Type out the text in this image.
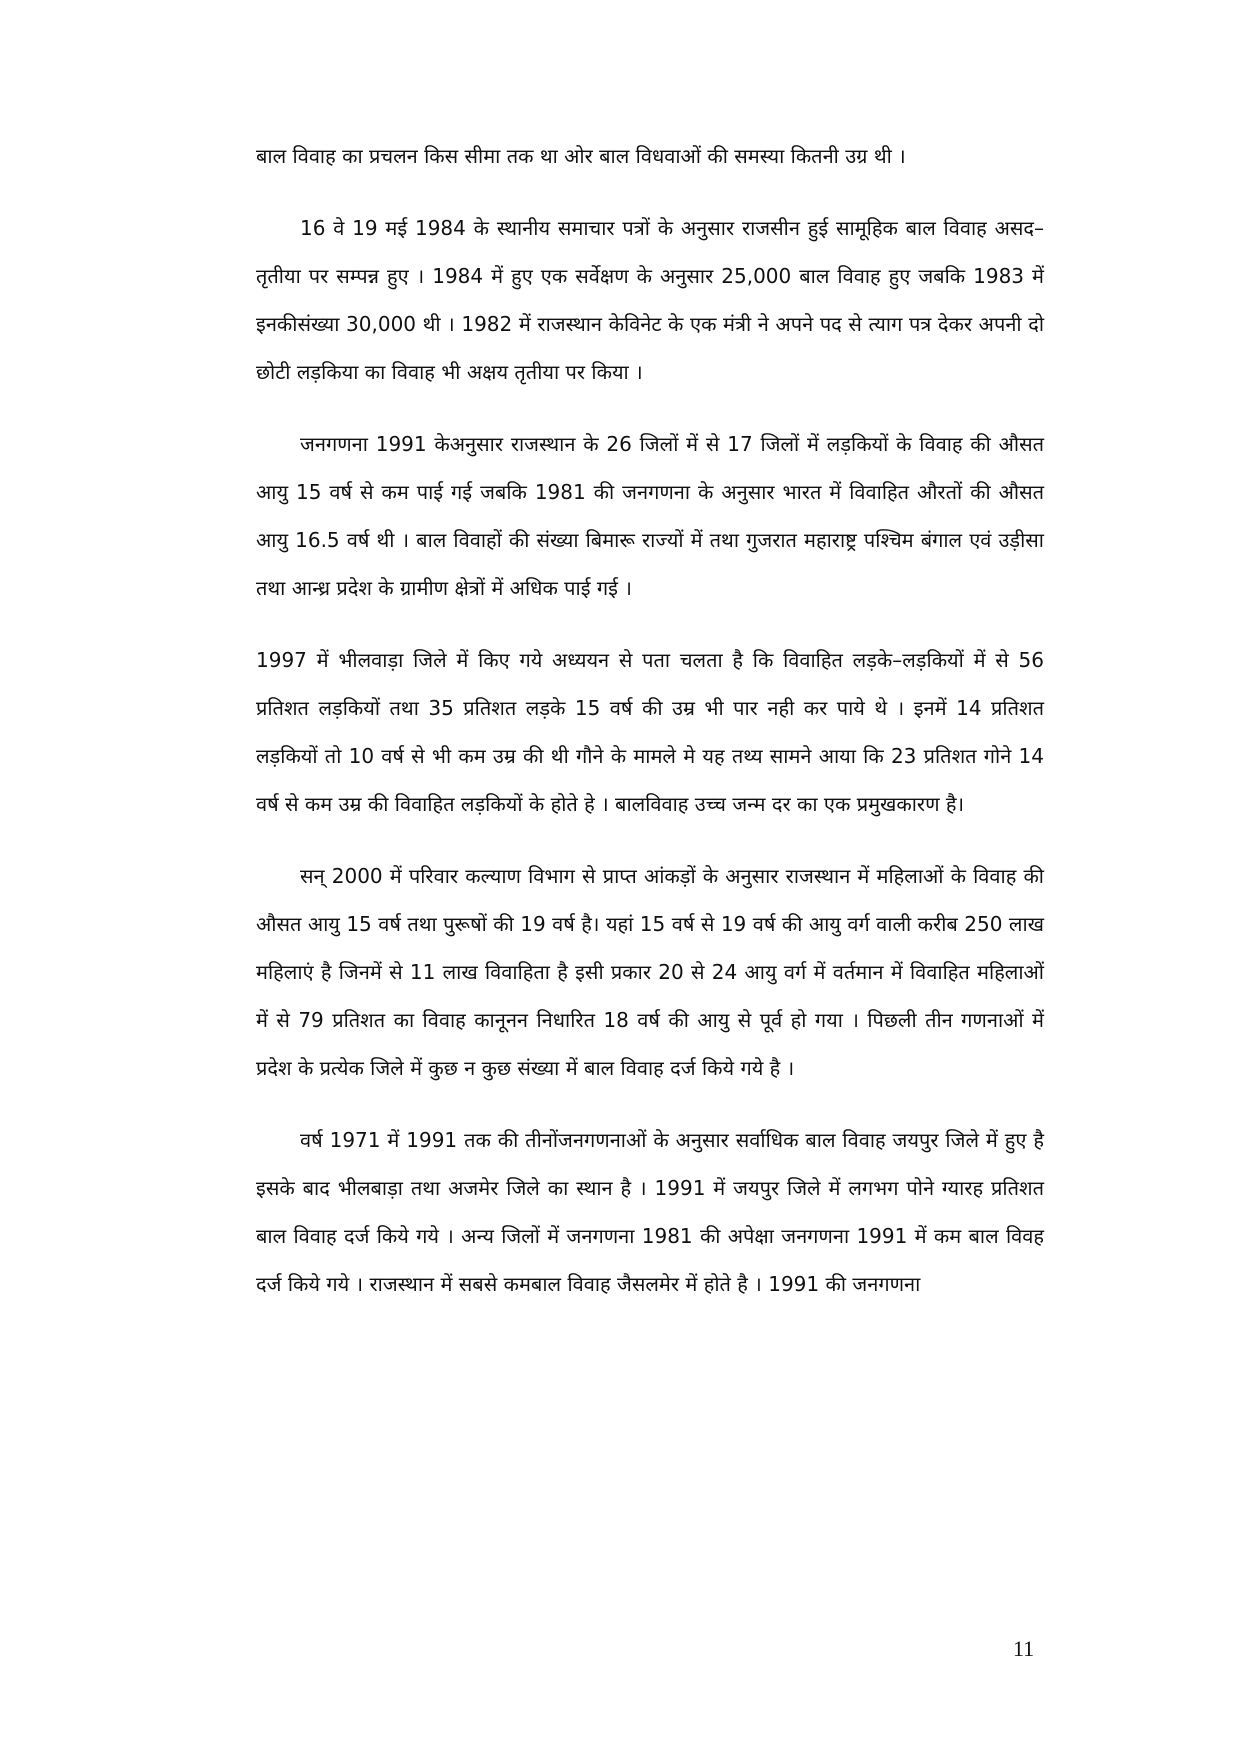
बाल विवाह का प्रचलन किस सीमा तक था ओर बाल विधवाओं की समस्या कितनी उग्र थी ।

16 वे 19 मई 1984 के स्थानीय समाचार पत्रों के अनुसार राजसीन हुई सामूहिक बाल विवाह असद–तृतीया पर सम्पन्न हुए । 1984 में हुए एक सर्वेक्षण के अनुसार 25,000 बाल विवाह हुए जबकि 1983 में इनकीसंख्या 30,000 थी । 1982 में राजस्थान केविनेट के एक मंत्री ने अपने पद से त्याग पत्र देकर अपनी दो छोटी लड़किया का विवाह भी अक्षय तृतीया पर किया ।

जनगणना 1991 केअनुसार राजस्थान के 26 जिलों में से 17 जिलों में लड़कियों के विवाह की औसत आयु 15 वर्ष से कम पाई गई जबकि 1981 की जनगणना के अनुसार भारत में विवाहित औरतों की औसत आयु 16.5 वर्ष थी । बाल विवाहों की संख्या बिमारू राज्यों में तथा गुजरात महाराष्ट्र पश्चिम बंगाल एवं उड़ीसा तथा आन्ध्र प्रदेश के ग्रामीण क्षेत्रों में अधिक पाई गई ।

1997 में भीलवाड़ा जिले में किए गये अध्ययन से पता चलता है कि विवाहित लड़के–लड़कियों में से 56 प्रतिशत लड़कियों तथा 35 प्रतिशत लड़के 15 वर्ष की उम्र भी पार नही कर पाये थे । इनमें 14 प्रतिशत लड़कियों तो 10 वर्ष से भी कम उम्र की थी गौने के मामले मे यह तथ्य सामने आया कि 23 प्रतिशत गोने 14 वर्ष से कम उम्र की विवाहित लड़कियों के होते हे । बालविवाह उच्च जन्म दर का एक प्रमुखकारण है।

सन् 2000 में परिवार कल्याण विभाग से प्राप्त आंकड़ों के अनुसार राजस्थान में महिलाओं के विवाह की औसत आयु 15 वर्ष तथा पुरूषों की 19 वर्ष है। यहां 15 वर्ष से 19 वर्ष की आयु वर्ग वाली करीब 250 लाख महिलाएं है जिनमें से 11 लाख विवाहिता है इसी प्रकार 20 से 24 आयु वर्ग में वर्तमान में विवाहित महिलाओं में से 79 प्रतिशत का विवाह कानूनन निधारित 18 वर्ष की आयु से पूर्व हो गया । पिछली तीन गणनाओं में प्रदेश के प्रत्येक जिले में कुछ न कुछ संख्या में बाल विवाह दर्ज किये गये है ।

वर्ष 1971 में 1991 तक की तीनोंजनगणनाओं के अनुसार सर्वाधिक बाल विवाह जयपुर जिले में हुए है इसके बाद भीलबाड़ा तथा अजमेर जिले का स्थान है । 1991 में जयपुर जिले में लगभग पोने ग्यारह प्रतिशत बाल विवाह दर्ज किये गये । अन्य जिलों में जनगणना 1981 की अपेक्षा जनगणना 1991 में कम बाल विवह दर्ज किये गये । राजस्थान में सबसे कमबाल विवाह जैसलमेर में होते है । 1991 की जनगणना

11
